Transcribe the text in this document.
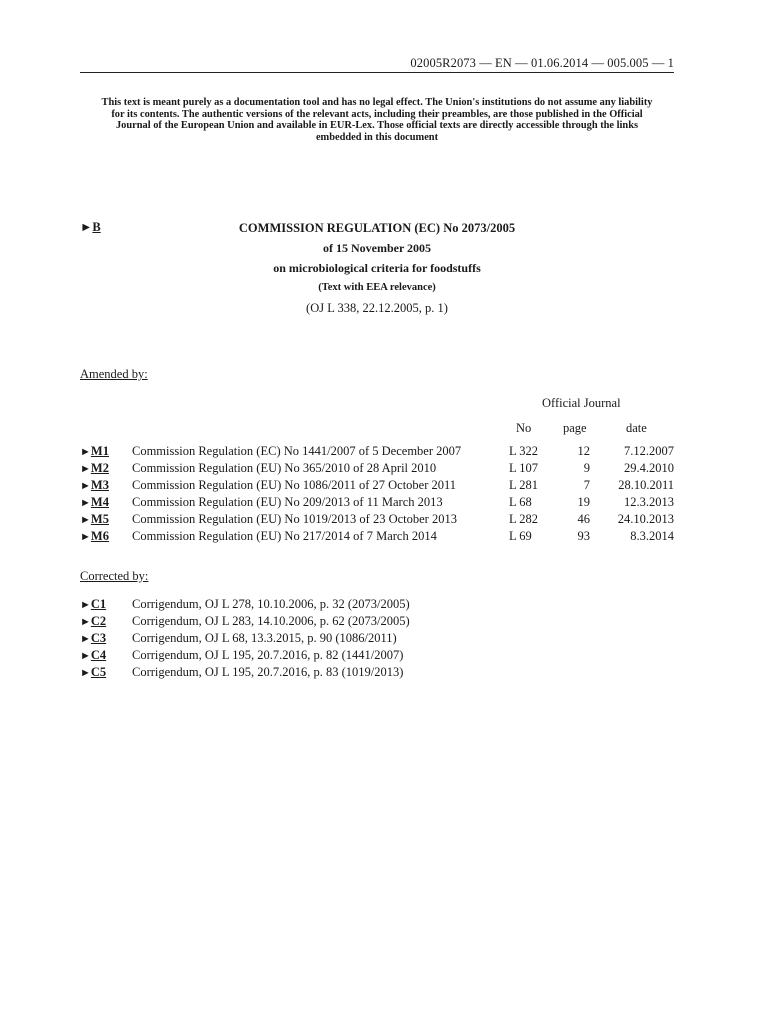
02005R2073 — EN — 01.06.2014 — 005.005 — 1
This text is meant purely as a documentation tool and has no legal effect. The Union's institutions do not assume any liability
for its contents. The authentic versions of the relevant acts, including their preambles, are those published in the Official
Journal of the European Union and available in EUR-Lex. Those official texts are directly accessible through the links
embedded in this document
►B	COMMISSION REGULATION (EC) No 2073/2005
of 15 November 2005
on microbiological criteria for foodstuffs
(Text with EEA relevance)
(OJ L 338, 22.12.2005, p. 1)
Amended by:
Official Journal
No	page	date
►M1 Commission Regulation (EC) No 1441/2007 of 5 December 2007	L 322	12	7.12.2007
►M2 Commission Regulation (EU) No 365/2010 of 28 April 2010	L 107	9	29.4.2010
►M3 Commission Regulation (EU) No 1086/2011 of 27 October 2011	L 281	7 28.10.2011
►M4 Commission Regulation (EU) No 209/2013 of 11 March 2013	L 68	19	12.3.2013
►M5 Commission Regulation (EU) No 1019/2013 of 23 October 2013	L 282	46 24.10.2013
►M6 Commission Regulation (EU) No 217/2014 of 7 March 2014	L 69	93	8.3.2014
Corrected by:
►C1 Corrigendum, OJ L 278, 10.10.2006, p. 32 (2073/2005)
►C2 Corrigendum, OJ L 283, 14.10.2006, p. 62 (2073/2005)
►C3 Corrigendum, OJ L 68, 13.3.2015, p. 90 (1086/2011)
►C4 Corrigendum, OJ L 195, 20.7.2016, p. 82 (1441/2007)
►C5 Corrigendum, OJ L 195, 20.7.2016, p. 83 (1019/2013)
